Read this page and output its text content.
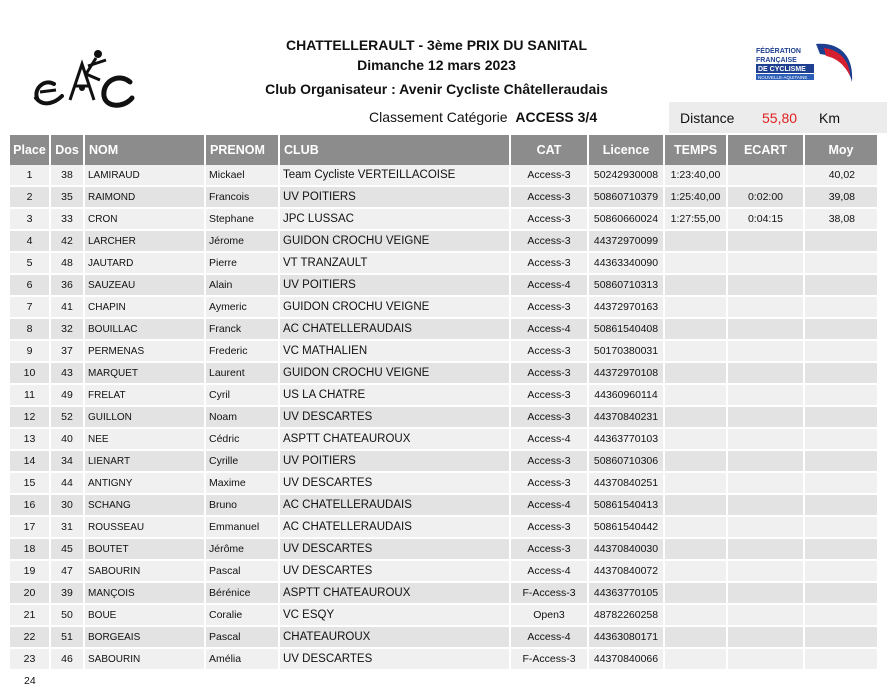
CHATTELLERAULT - 3ème PRIX DU SANITAL
Dimanche 12 mars 2023
Club Organisateur : Avenir Cycliste Châtelleraudais
FÉDÉRATION
FRANÇAISE
DE CYCLISME
NOUVELLE-AQUITAINE
Classement Catégorie ACCESS 3/4	Distance 55,80 Km
Place	Dos	NOM	PRENOM	CLUB	CAT	Licence	TEMPS	ECART	Moy
1	38	LAMIRAUD	Mickael	Team Cycliste VERTEILLACOISE	Access-3	50242930008	1:23:40,00		40,02
2	35	RAIMOND	Francois	UV POITIERS	Access-3	50860710379	1:25:40,00	0:02:00	39,08
3	33	CRON	Stephane	JPC LUSSAC	Access-3	50860660024	1:27:55,00	0:04:15	38,08
4	42	LARCHER	Jérome	GUIDON CROCHU VEIGNE	Access-3	44372970099			
5	48	JAUTARD	Pierre	VT TRANZAULT	Access-3	44363340090			
6	36	SAUZEAU	Alain	UV POITIERS	Access-4	50860710313			
7	41	CHAPIN	Aymeric	GUIDON CROCHU VEIGNE	Access-3	44372970163			
8	32	BOUILLAC	Franck	AC CHATELLERAUDAIS	Access-4	50861540408			
9	37	PERMENAS	Frederic	VC MATHALIEN	Access-3	50170380031			
10	43	MARQUET	Laurent	GUIDON CROCHU VEIGNE	Access-3	44372970108			
11	49	FRELAT	Cyril	US LA CHATRE	Access-3	44360960114			
12	52	GUILLON	Noam	UV DESCARTES	Access-3	44370840231			
13	40	NEE	Cédric	ASPTT CHATEAUROUX	Access-4	44363770103			
14	34	LIENART	Cyrille	UV POITIERS	Access-3	50860710306			
15	44	ANTIGNY	Maxime	UV DESCARTES	Access-3	44370840251			
16	30	SCHANG	Bruno	AC CHATELLERAUDAIS	Access-4	50861540413			
17	31	ROUSSEAU	Emmanuel	AC CHATELLERAUDAIS	Access-3	50861540442			
18	45	BOUTET	Jérôme	UV DESCARTES	Access-3	44370840030			
19	47	SABOURIN	Pascal	UV DESCARTES	Access-4	44370840072			
20	39	MANÇOIS	Bérénice	ASPTT CHATEAUROUX	F-Access-3	44363770105			
21	50	BOUE	Coralie	VC ESQY	Open3	48782260258			
22	51	BORGEAIS	Pascal	CHATEAUROUX	Access-4	44363080171			
23	46	SABOURIN	Amélia	UV DESCARTES	F-Access-3	44370840066			
24
